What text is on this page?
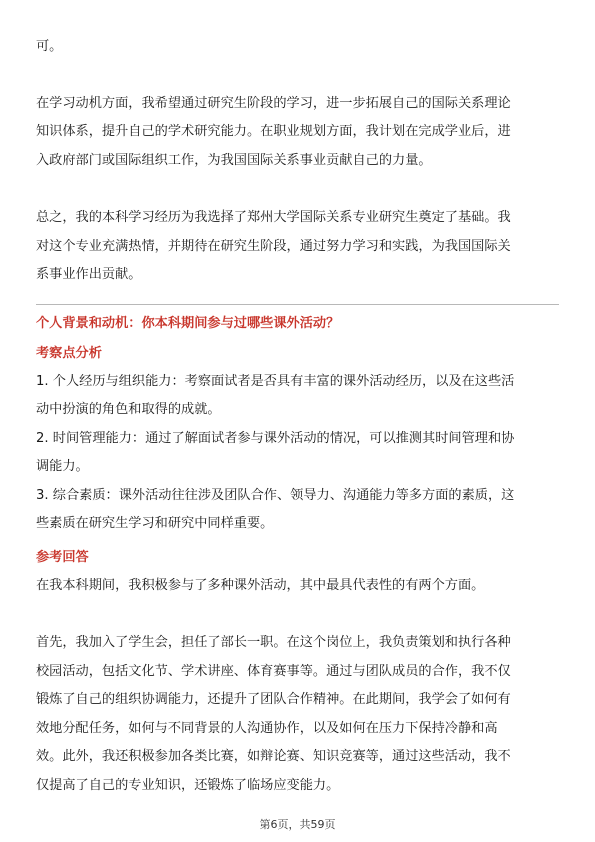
可。
在学习动机方面，我希望通过研究生阶段的学习，进一步拓展自己的国际关系理论
知识体系，提升自己的学术研究能力。在职业规划方面，我计划在完成学业后，进
入政府部门或国际组织工作，为我国国际关系事业贡献自己的力量。
总之，我的本科学习经历为我选择了郑州大学国际关系专业研究生奠定了基础。我
对这个专业充满热情，并期待在研究生阶段，通过努力学习和实践，为我国国际关
系事业作出贡献。
个人背景和动机：你本科期间参与过哪些课外活动？
考察点分析
1. 个人经历与组织能力：考察面试者是否具有丰富的课外活动经历，以及在这些活
动中扮演的角色和取得的成就。
2. 时间管理能力：通过了解面试者参与课外活动的情况，可以推测其时间管理和协
调能力。
3. 综合素质：课外活动往往涉及团队合作、领导力、沟通能力等多方面的素质，这
些素质在研究生学习和研究中同样重要。
参考回答
在我本科期间，我积极参与了多种课外活动，其中最具代表性的有两个方面。
首先，我加入了学生会，担任了部长一职。在这个岗位上，我负责策划和执行各种
校园活动，包括文化节、学术讲座、体育赛事等。通过与团队成员的合作，我不仅
锻炼了自己的组织协调能力，还提升了团队合作精神。在此期间，我学会了如何有
效地分配任务，如何与不同背景的人沟通协作，以及如何在压力下保持冷静和高
效。此外，我还积极参加各类比赛，如辩论赛、知识竞赛等，通过这些活动，我不
仅提高了自己的专业知识，还锻炼了临场应变能力。
第6页，共59页
